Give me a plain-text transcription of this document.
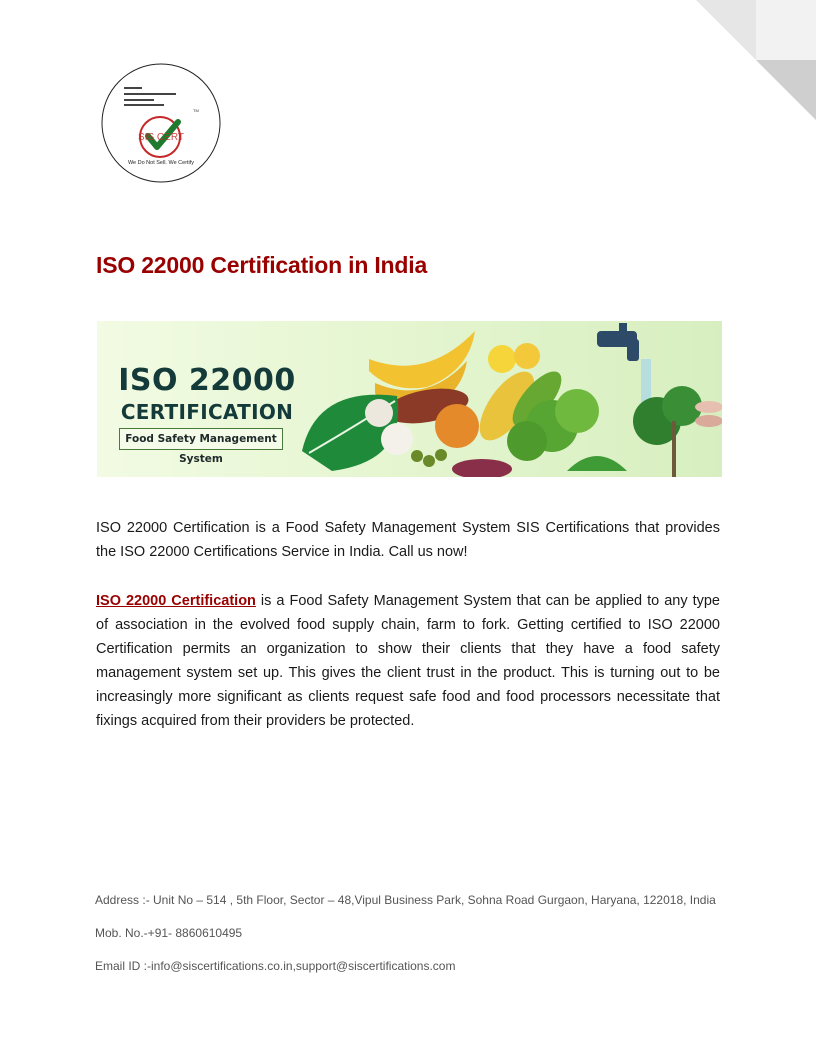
SIS CERT
TM
We Do Not Sell. We Certify
ISO 22000 Certification in India
ISO 22000
CERTIFICATION
Food Safety Management System

ISO 22000 Certification is a Food Safety Management System SIS Certifications that provides the ISO 22000 Certifications Service in India. Call us now!

ISO 22000 Certification is a Food Safety Management System that can be applied to any type of association in the evolved food supply chain, farm to fork. Getting certified to ISO 22000 Certification permits an organization to show their clients that they have a food safety management system set up. This gives the client trust in the product. This is turning out to be increasingly more significant as clients request safe food and food processors necessitate that fixings acquired from their providers be protected.

Address :- Unit No – 514 , 5th Floor, Sector – 48,Vipul Business Park, Sohna Road Gurgaon, Haryana, 122018, India
Mob. No.-+91- 8860610495
Email ID :-info@siscertifications.co.in,support@siscertifications.com
